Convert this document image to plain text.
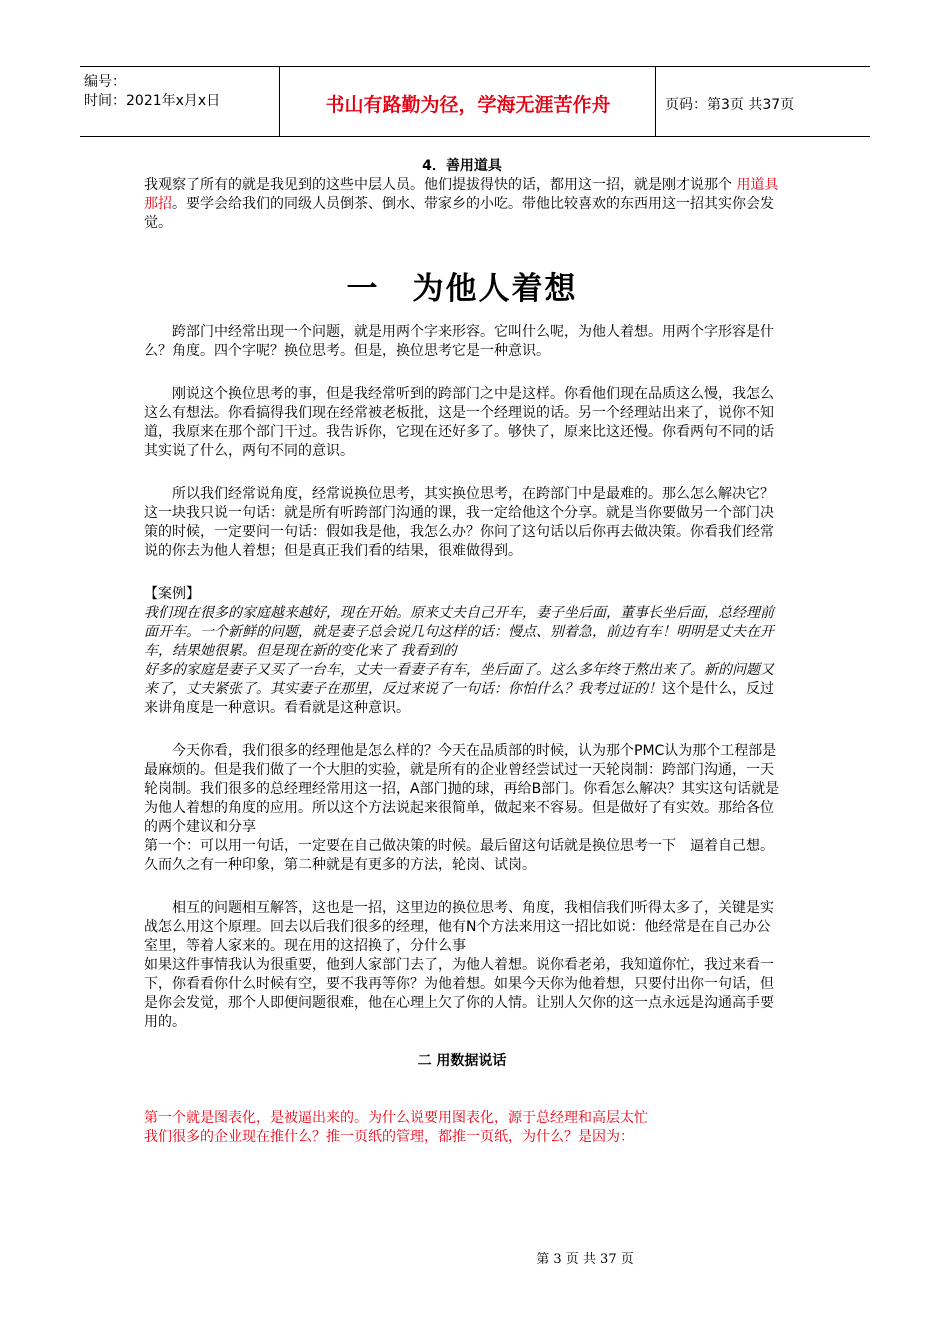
编号：
时间：2021年x月x日	书山有路勤为径，学海无涯苦作舟	页码：第3页 共37页

4．善用道具

我观察了所有的就是我见到的这些中层人员。他们提拔得快的话，都用这一招，就是刚才说那个 用道具那招。要学会给我们的同级人员倒茶、倒水、带家乡的小吃。带他比较喜欢的东西用这一招其实你会发觉。

一　为他人着想

跨部门中经常出现一个问题，就是用两个字来形容。它叫什么呢，为他人着想。用两个字形容是什么？角度。四个字呢？换位思考。但是，换位思考它是一种意识。

刚说这个换位思考的事，但是我经常听到的跨部门之中是这样。你看他们现在品质这么慢，我怎么这么有想法。你看搞得我们现在经常被老板批，这是一个经理说的话。另一个经理站出来了，说你不知道，我原来在那个部门干过。我告诉你，它现在还好多了。够快了，原来比这还慢。你看两句不同的话其实说了什么，两句不同的意识。

所以我们经常说角度，经常说换位思考，其实换位思考，在跨部门中是最难的。那么怎么解决它？这一块我只说一句话：就是所有听跨部门沟通的课，我一定给他这个分享。就是当你要做另一个部门决策的时候，一定要问一句话：假如我是他，我怎么办？你问了这句话以后你再去做决策。你看我们经常说的你去为他人着想；但是真正我们看的结果，很难做得到。

【案例】

我们现在很多的家庭越来越好，现在开始。原来丈夫自己开车，妻子坐后面，董事长坐后面，总经理前面开车。一个新鲜的问题，就是妻子总会说几句这样的话：慢点、别着急，前边有车！明明是丈夫在开车，结果她很累。但是现在新的变化来了 我看到的

好多的家庭是妻子又买了一台车，丈夫一看妻子有车，坐后面了。这么多年终于熬出来了。新的问题又来了，丈夫紧张了。其实妻子在那里，反过来说了一句话：你怕什么？我考过证的！这个是什么，反过来讲角度是一种意识。看看就是这种意识。

今天你看，我们很多的经理他是怎么样的？今天在品质部的时候，认为那个PMC认为那个工程部是最麻烦的。但是我们做了一个大胆的实验，就是所有的企业曾经尝试过一天轮岗制：跨部门沟通，一天轮岗制。我们很多的总经理经常用这一招，A部门抛的球，再给B部门。你看怎么解决？其实这句话就是为他人着想的角度的应用。所以这个方法说起来很简单，做起来不容易。但是做好了有实效。那给各位的两个建议和分享

第一个：可以用一句话，一定要在自己做决策的时候。最后留这句话就是换位思考一下　逼着自己想。久而久之有一种印象，第二种就是有更多的方法，轮岗、试岗。

相互的问题相互解答，这也是一招，这里边的换位思考、角度，我相信我们听得太多了，关键是实战怎么用这个原理。回去以后我们很多的经理，他有N个方法来用这一招比如说：他经常是在自己办公室里，等着人家来的。现在用的这招换了，分什么事

如果这件事情我认为很重要，他到人家部门去了，为他人着想。说你看老弟，我知道你忙，我过来看一下，你看看你什么时候有空，要不我再等你？为他着想。如果今天你为他着想，只要付出你一句话，但是你会发觉，那个人即便问题很难，他在心理上欠了你的人情。让别人欠你的这一点永远是沟通高手要用的。

二 用数据说话

第一个就是图表化，是被逼出来的。为什么说要用图表化，源于总经理和高层太忙

我们很多的企业现在推什么？推一页纸的管理，都推一页纸，为什么？是因为：

第 3 页 共 37 页
